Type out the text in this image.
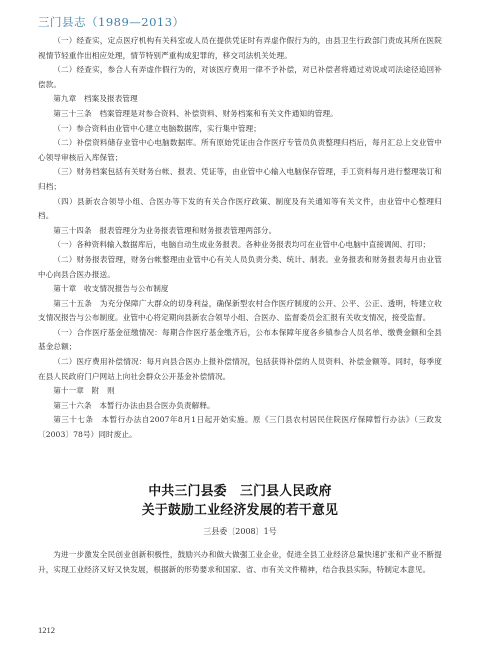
三门县志（1989—2013）

（一）经查实，定点医疗机构有关科室或人员在提供凭证时有弄虚作假行为的，由县卫生行政部门责成其所在医院视情节轻重作出相应处理，情节特别严重构成犯罪的，移交司法机关处理。

（二）经查实，参合人有弄虚作假行为的，对该医疗费用一律不予补偿，对已补偿者将通过劝说或司法途径追回补偿款。

第九章　档案及报表管理

第三十三条　档案管理是对参合资料、补偿资料、财务档案和有关文件通知的管理。

（一）参合资料由业管中心建立电脑数据库，实行集中管理；

（二）补偿资料储存业管中心电脑数据库。所有原始凭证由合作医疗专管员负责整理归档后，每月汇总上交业管中心领导审核后入库保管；

（三）财务档案包括有关财务台帐、报表、凭证等，由业管中心输入电脑保存管理，手工资料每月进行整理装订和归档；

（四）县新农合领导小组、合医办等下发的有关合作医疗政策、制度及有关通知等有关文件，由业管中心整理归档。

第三十四条　报表管理分为业务报表管理和财务报表管理两部分。

（一）各种资料输入数据库后，电脑自动生成业务报表。各种业务报表均可在业管中心电脑中直接调阅、打印；

（二）财务报表管理，财务台帐整理由业管中心有关人员负责分类、统计、制表。业务报表和财务报表每月由业管中心向县合医办报送。

第十章　收支情况报告与公布制度

第三十五条　为充分保障广大群众的切身利益，确保新型农村合作医疗制度的公开、公平、公正、透明，特建立收支情况报告与公布制度。业管中心将定期向县新农合领导小组、合医办、监督委员会汇报有关收支情况，接受监督。

（一）合作医疗基金征缴情况：每期合作医疗基金缴齐后，公布本保障年度各乡镇参合人员名单、缴费金额和全县基金总额；

（二）医疗费用补偿情况：每月向县合医办上报补偿情况，包括获得补偿的人员资料、补偿金额等。同时，每季度在县人民政府门户网站上向社会群众公开基金补偿情况。

第十一章　附　则

第三十六条　本暂行办法由县合医办负责解释。

第三十七条　本暂行办法自2007年8月1日起开始实施。原《三门县农村居民住院医疗保障暂行办法》（三政发〔2003〕78号）同时废止。

中共三门县委　三门县人民政府
关于鼓励工业经济发展的若干意见
三县委〔2008〕1号

为进一步激发全民创业创新积极性，鼓励兴办和做大做强工业企业，促进全县工业经济总量快速扩张和产业不断提升，实现工业经济又好又快发展，根据新的形势要求和国家、省、市有关文件精神，结合我县实际，特制定本意见。

1212
